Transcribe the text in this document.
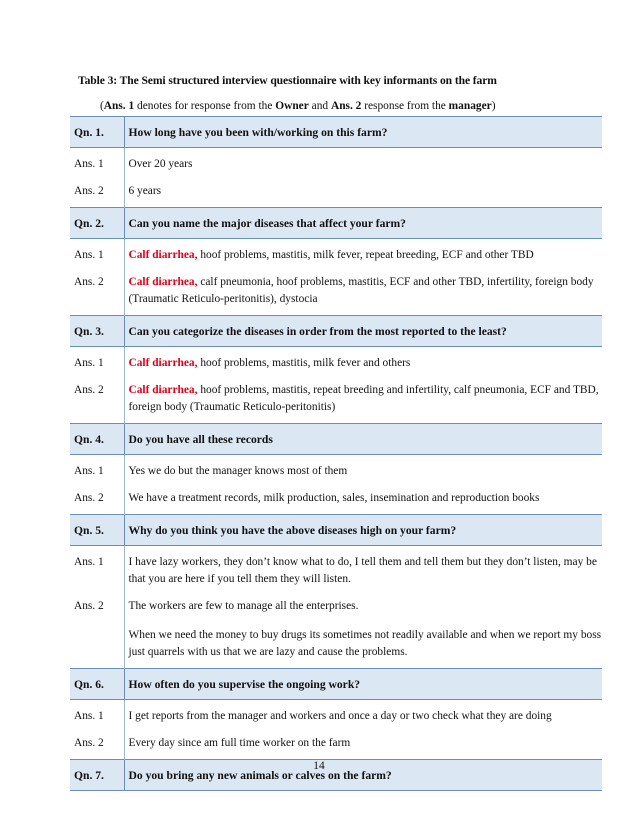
Table 3: The Semi structured interview questionnaire with key informants on the farm
(Ans. 1 denotes for response from the Owner and Ans. 2 response from the manager)
Qn. 1.	How long have you been with/working on this farm?
Ans. 1	Over 20 years
Ans. 2	6 years
Qn. 2.	Can you name the major diseases that affect your farm?
Ans. 1	Calf diarrhea, hoof problems, mastitis, milk fever, repeat breeding, ECF and other TBD
Ans. 2	Calf diarrhea, calf pneumonia, hoof problems, mastitis, ECF and other TBD, infertility, foreign body (Traumatic Reticulo-peritonitis), dystocia
Qn. 3.	Can you categorize the diseases in order from the most reported to the least?
Ans. 1	Calf diarrhea, hoof problems, mastitis, milk fever and others
Ans. 2	Calf diarrhea, hoof problems, mastitis, repeat breeding and infertility, calf pneumonia, ECF and TBD, foreign body (Traumatic Reticulo-peritonitis)
Qn. 4.	Do you have all these records
Ans. 1	Yes we do but the manager knows most of them
Ans. 2	We have a treatment records, milk production, sales, insemination and reproduction books
Qn. 5.	Why do you think you have the above diseases high on your farm?
Ans. 1	I have lazy workers, they don’t know what to do, I tell them and tell them but they don’t listen, may be that you are here if you tell them they will listen.
Ans. 2	The workers are few to manage all the enterprises.
When we need the money to buy drugs its sometimes not readily available and when we report my boss just quarrels with us that we are lazy and cause the problems.

Qn. 6.	How often do you supervise the ongoing work?
Ans. 1	I get reports from the manager and workers and once a day or two check what they are doing
Ans. 2	Every day since am full time worker on the farm
Qn. 7.	Do you bring any new animals or calves on the farm?
14
